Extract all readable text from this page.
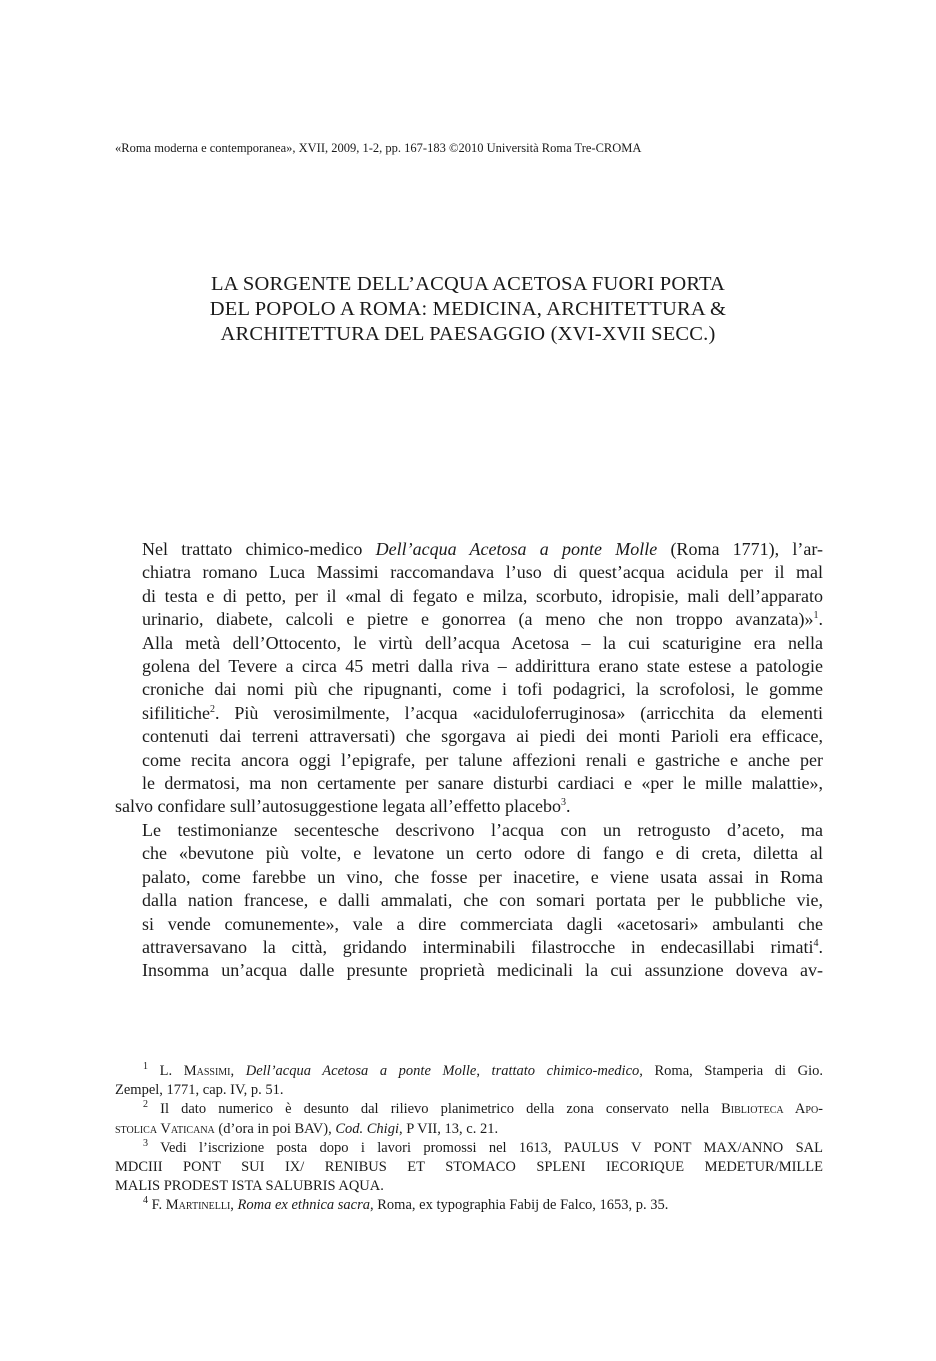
«Roma moderna e contemporanea», XVII, 2009, 1-2, pp. 167-183 ©2010 Università Roma Tre-CROMA
LA SORGENTE DELL’ACQUA ACETOSA FUORI PORTA
DEL POPOLO A ROMA: MEDICINA, ARCHITETTURA &
ARCHITETTURA DEL PAESAGGIO (XVI-XVII SECC.)

Nel trattato chimico-medico Dell’acqua Acetosa a ponte Molle (Roma 1771), l’ar-
chiatra romano Luca Massimi raccomandava l’uso di quest’acqua acidula per il mal
di testa e di petto, per il «mal di fegato e milza, scorbuto, idropisie, mali dell’apparato
urinario, diabete, calcoli e pietre e gonorrea (a meno che non troppo avanzata)»$^1$.
Alla metà dell’Ottocento, le virtù dell’acqua Acetosa – la cui scaturigine era nella
golena del Tevere a circa 45 metri dalla riva – addirittura erano state estese a patologie
croniche dai nomi più che ripugnanti, come i tofi podagrici, la scrofolosi, le gomme
sifilitiche$^2$. Più verosimilmente, l’acqua «aciduloferruginosa» (arricchita da elementi
contenuti dai terreni attraversati) che sgorgava ai piedi dei monti Parioli era efficace,
come recita ancora oggi l’epigrafe, per talune affezioni renali e gastriche e anche per
le dermatosi, ma non certamente per sanare disturbi cardiaci e «per le mille malattie»,
salvo confidare sull’autosuggestione legata all’effetto placebo$^3$.

Le testimonianze secentesche descrivono l’acqua con un retrogusto d’aceto, ma
che «bevutone più volte, e levatone un certo odore di fango e di creta, diletta al
palato, come farebbe un vino, che fosse per inacetire, e viene usata assai in Roma
dalla nation francese, e dalli ammalati, che con somari portata per le pubbliche vie,
si vende comunemente», vale a dire commerciata dagli «acetosari» ambulanti che
attraversavano la città, gridando interminabili filastrocche in endecasillabi rimati$^4$.
Insomma un’acqua dalle presunte proprietà medicinali la cui assunzione doveva av-

$^1$ L. Massimi, Dell’acqua Acetosa a ponte Molle, trattato chimico-medico, Roma, Stamperia di Gio.
Zempel, 1771, cap. IV, p. 51.
$^2$ Il dato numerico è desunto dal rilievo planimetrico della zona conservato nella Biblioteca Apo-
stolica Vaticana (d’ora in poi BAV), Cod. Chigi, P VII, 13, c. 21.
$^3$ Vedi l’iscrizione posta dopo i lavori promossi nel 1613, PAULUS V PONT MAX/ANNO SAL
MDCIII PONT SUI IX/ RENIBUS ET STOMACO SPLENI IECORIQUE MEDETUR/MILLE
MALIS PRODEST ISTA SALUBRIS AQUA.
$^4$ F. Martinelli, Roma ex ethnica sacra, Roma, ex typographia Fabij de Falco, 1653, p. 35.
